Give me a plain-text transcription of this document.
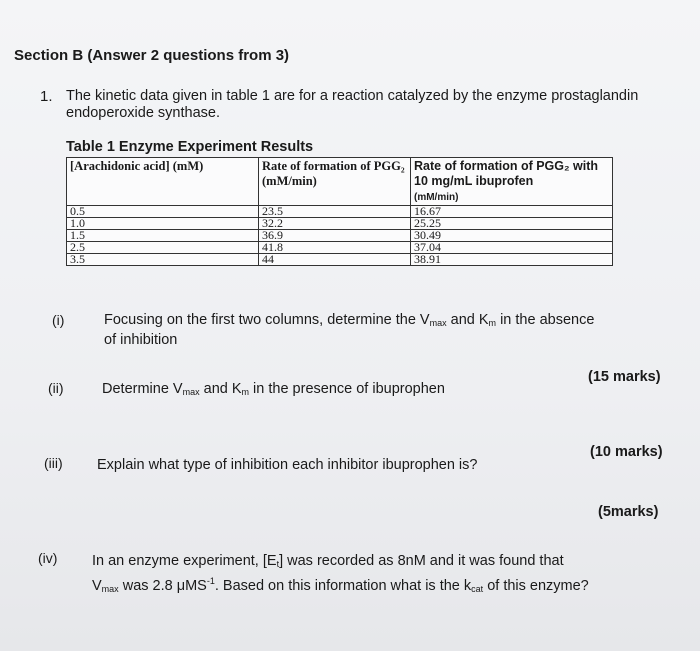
Section B (Answer 2 questions from 3)
1. The kinetic data given in table 1 are for a reaction catalyzed by the enzyme prostaglandin endoperoxide synthase.
Table 1 Enzyme Experiment Results
[Arachidonic acid] (mM)	Rate of formation of PGG₂ (mM/min)	Rate of formation of PGG₂ with 10 mg/mL ibuprofen
(mM/min)
0.5	23.5	16.67
1.0	32.2	25.25
1.5	36.9	30.49
2.5	41.8	37.04
3.5	44	38.91
(i)	Focusing on the first two columns, determine the $V_{max}$ and $K_m$ in the absence
of inhibition
(15 marks)
(ii)	Determine $V_{max}$ and $K_m$ in the presence of ibuprophen
(10 marks)
(iii) Explain what type of inhibition each inhibitor ibuprophen is?
(5marks)
(iv) In an enzyme experiment, $[E_t]$ was recorded as 8nM and it was found that
$V_{max}$ was 2.8 μMS$^{-1}$. Based on this information what is the $k_{cat}$ of this enzyme?
